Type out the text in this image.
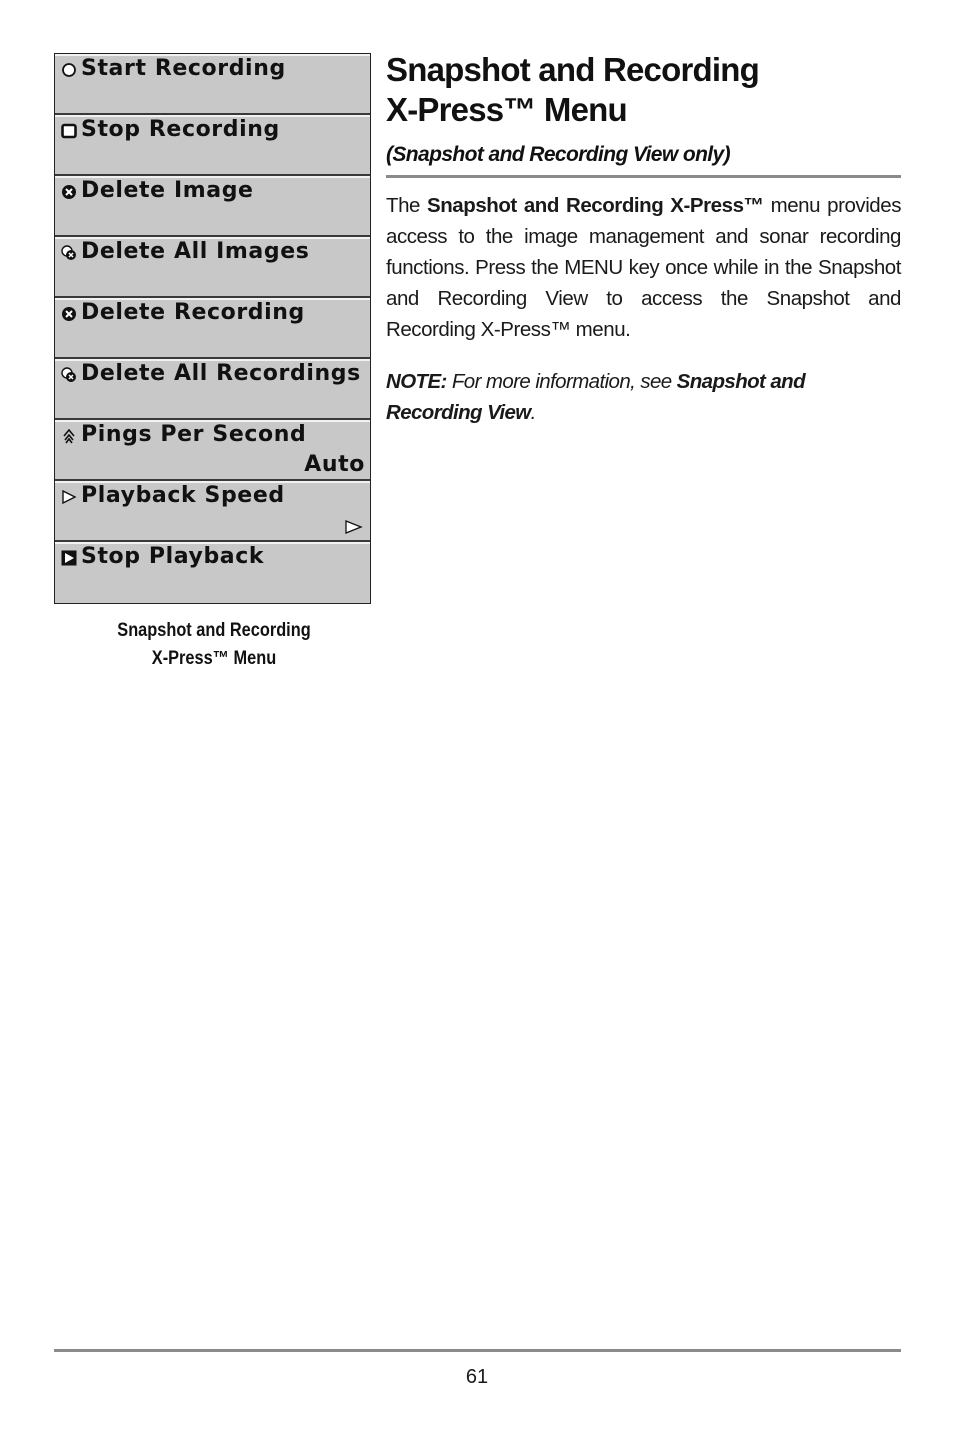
Start Recording
Stop Recording
Delete Image
Delete All Images
Delete Recording
Delete All Recordings
Pings Per Second
Auto
Playback Speed
Stop Playback
Snapshot and Recording
X-Press™ Menu
Snapshot and Recording
X-Press™ Menu
(Snapshot and Recording View only)

The Snapshot and Recording X-Press™ menu provides access to the image management and sonar recording functions. Press the MENU key once while in the Snapshot and Recording View to access the Snapshot and Recording X-Press™ menu.

NOTE: For more information, see Snapshot and Recording View.

61
